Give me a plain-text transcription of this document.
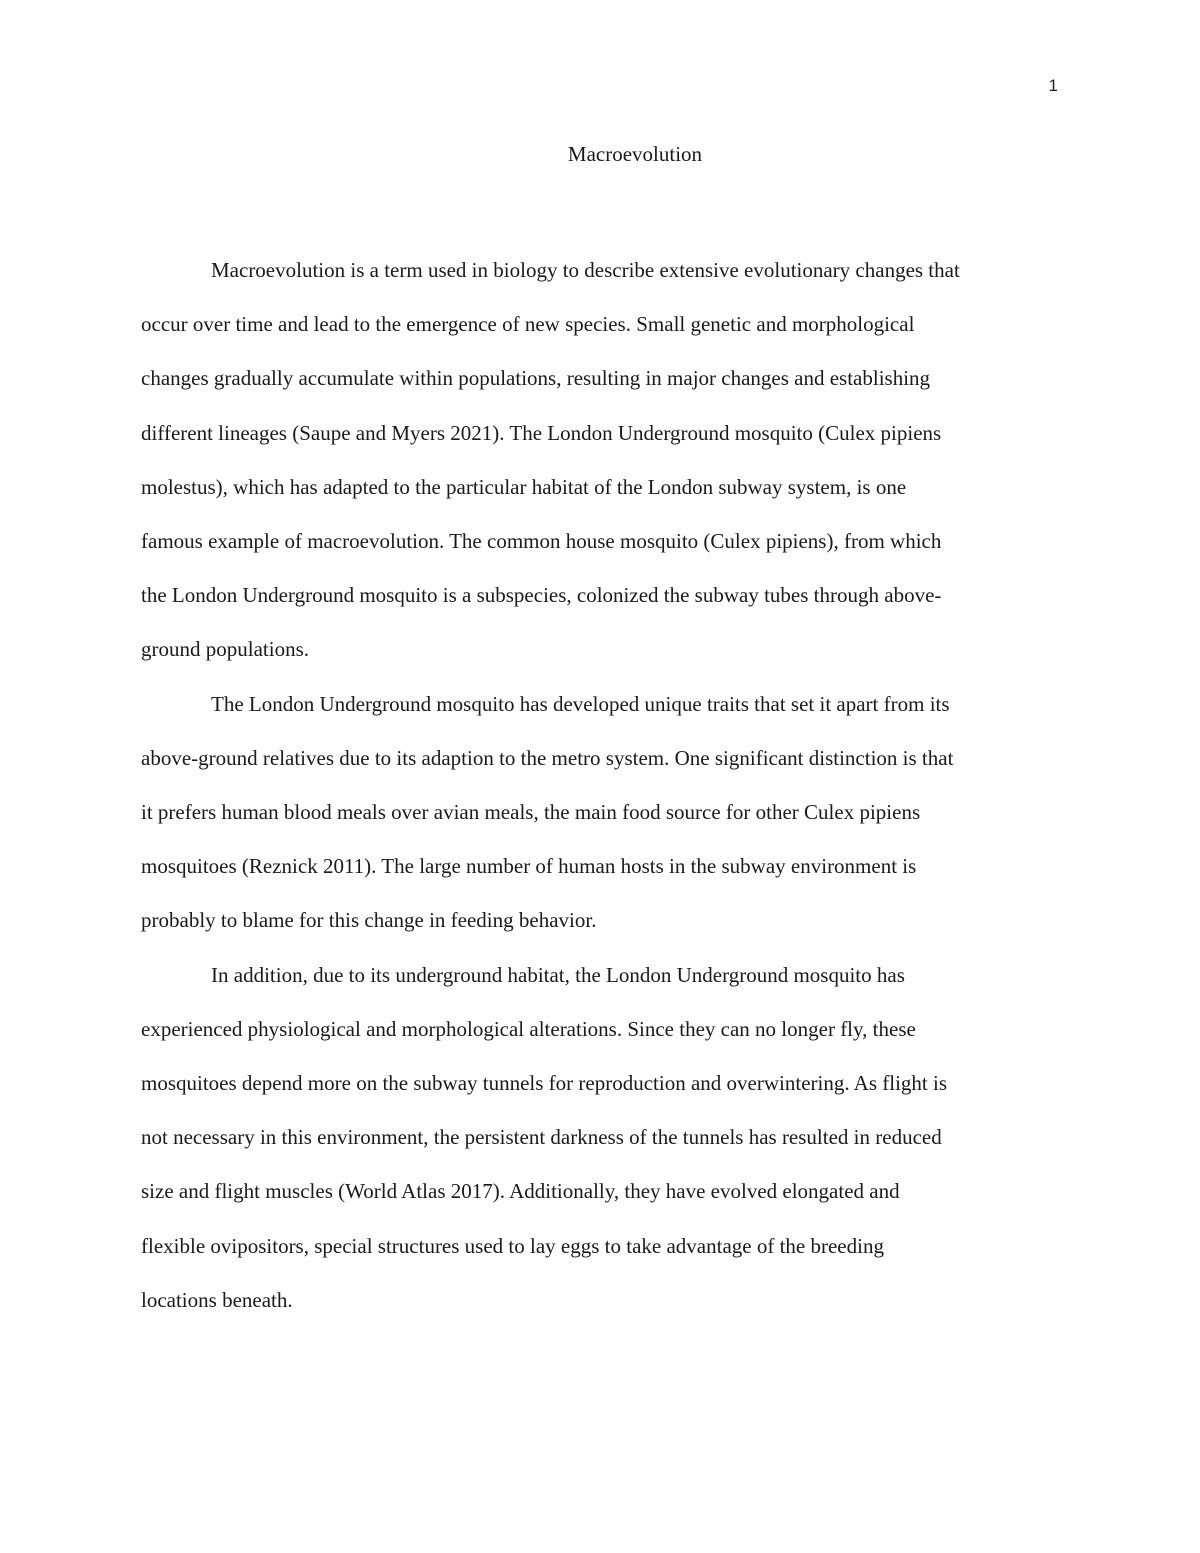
1
Macroevolution
Macroevolution is a term used in biology to describe extensive evolutionary changes that
occur over time and lead to the emergence of new species. Small genetic and morphological
changes gradually accumulate within populations, resulting in major changes and establishing
different lineages (Saupe and Myers 2021). The London Underground mosquito (Culex pipiens
molestus), which has adapted to the particular habitat of the London subway system, is one
famous example of macroevolution. The common house mosquito (Culex pipiens), from which
the London Underground mosquito is a subspecies, colonized the subway tubes through above-
ground populations.
The London Underground mosquito has developed unique traits that set it apart from its
above-ground relatives due to its adaption to the metro system. One significant distinction is that
it prefers human blood meals over avian meals, the main food source for other Culex pipiens
mosquitoes (Reznick 2011). The large number of human hosts in the subway environment is
probably to blame for this change in feeding behavior.
In addition, due to its underground habitat, the London Underground mosquito has
experienced physiological and morphological alterations. Since they can no longer fly, these
mosquitoes depend more on the subway tunnels for reproduction and overwintering. As flight is
not necessary in this environment, the persistent darkness of the tunnels has resulted in reduced
size and flight muscles (World Atlas 2017). Additionally, they have evolved elongated and
flexible ovipositors, special structures used to lay eggs to take advantage of the breeding
locations beneath.
